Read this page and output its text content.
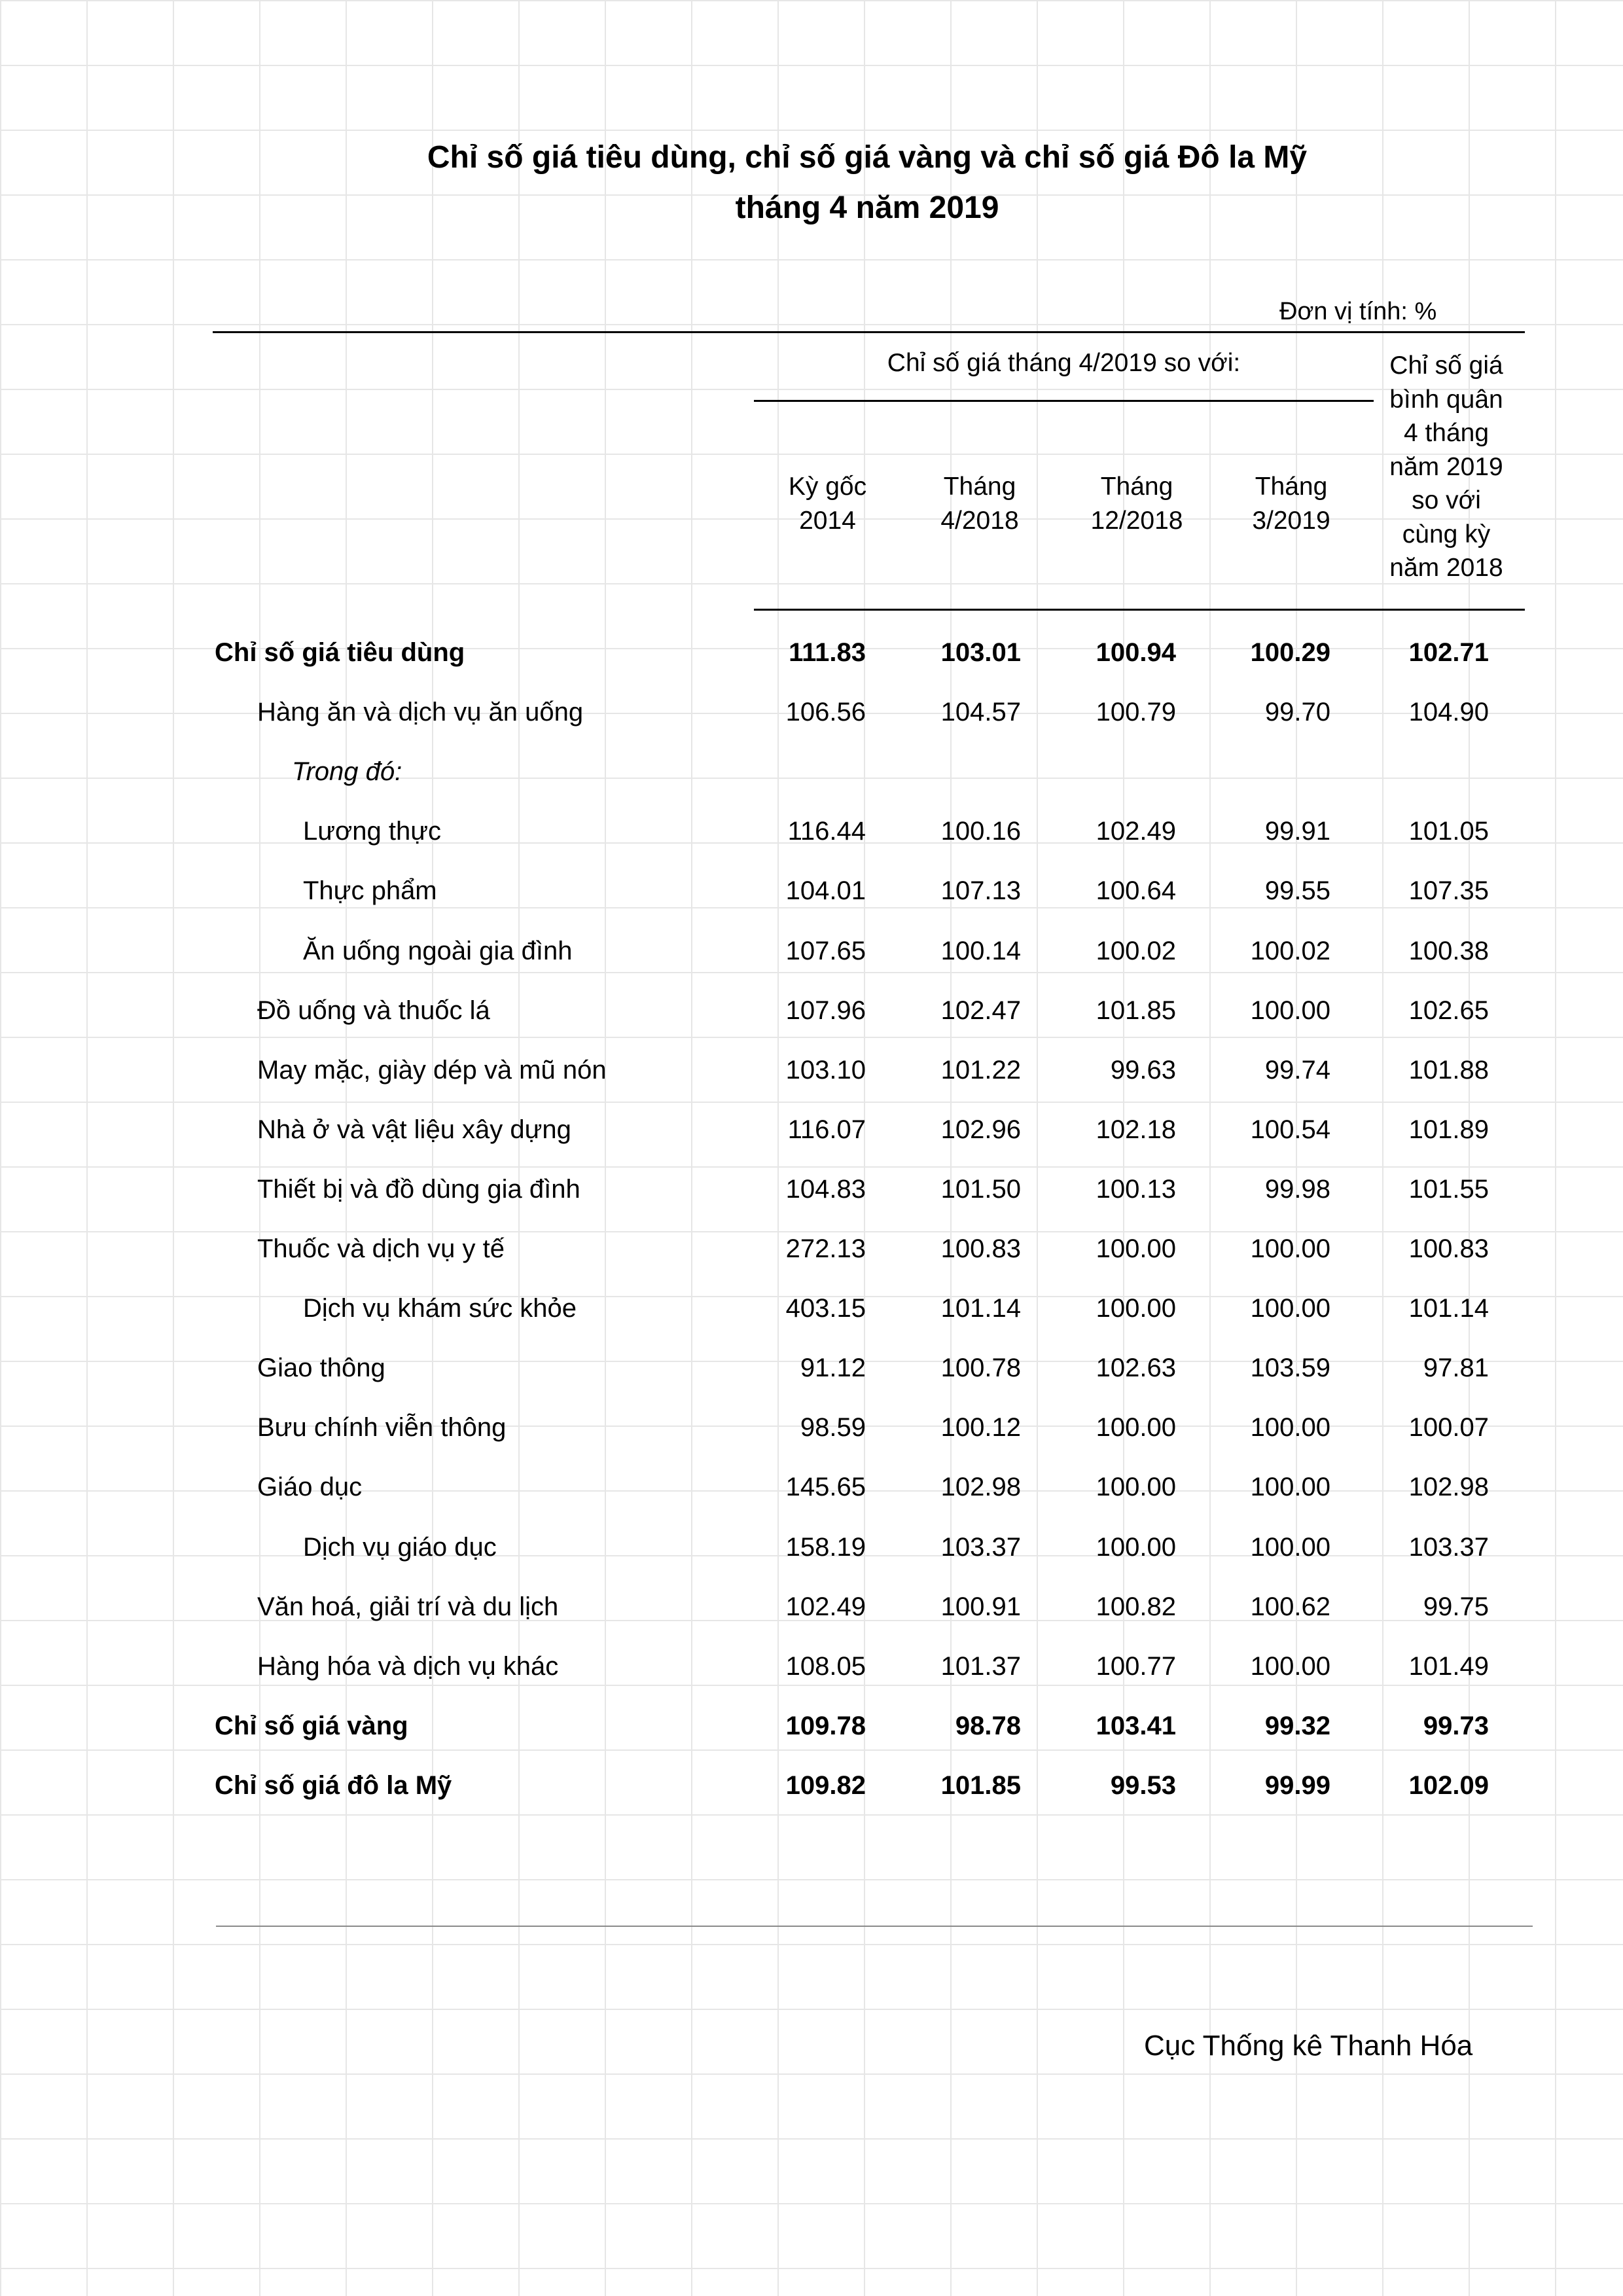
Chỉ số giá tiêu dùng, chỉ số giá vàng và chỉ số giá Đô la Mỹ
tháng 4 năm 2019
Đơn vị tính: %
Chỉ số giá tháng 4/2019 so với:
Kỳ gốc
2014
Tháng
4/2018
Tháng
12/2018
Tháng
3/2019
Chỉ số giá
bình quân
4 tháng
năm 2019
so với
cùng kỳ
năm 2018
Chỉ số giá tiêu dùng	111.83	103.01	100.94	100.29	102.71
Hàng ăn và dịch vụ ăn uống	106.56	104.57	100.79	99.70	104.90
Trong đó:
Lương thực	116.44	100.16	102.49	99.91	101.05
Thực phẩm	104.01	107.13	100.64	99.55	107.35
Ăn uống ngoài gia đình	107.65	100.14	100.02	100.02	100.38
Đồ uống và thuốc lá	107.96	102.47	101.85	100.00	102.65
May mặc, giày dép và mũ nón	103.10	101.22	99.63	99.74	101.88
Nhà ở và vật liệu xây dựng	116.07	102.96	102.18	100.54	101.89
Thiết bị và đồ dùng gia đình	104.83	101.50	100.13	99.98	101.55
Thuốc và dịch vụ y tế	272.13	100.83	100.00	100.00	100.83
Dịch vụ khám sức khỏe	403.15	101.14	100.00	100.00	101.14
Giao thông	91.12	100.78	102.63	103.59	97.81
Bưu chính viễn thông	98.59	100.12	100.00	100.00	100.07
Giáo dục	145.65	102.98	100.00	100.00	102.98
Dịch vụ giáo dục	158.19	103.37	100.00	100.00	103.37
Văn hoá, giải trí và du lịch	102.49	100.91	100.82	100.62	99.75
Hàng hóa và dịch vụ khác	108.05	101.37	100.77	100.00	101.49
Chỉ số giá vàng	109.78	98.78	103.41	99.32	99.73
Chỉ số giá đô la Mỹ	109.82	101.85	99.53	99.99	102.09
Cục Thống kê Thanh Hóa
